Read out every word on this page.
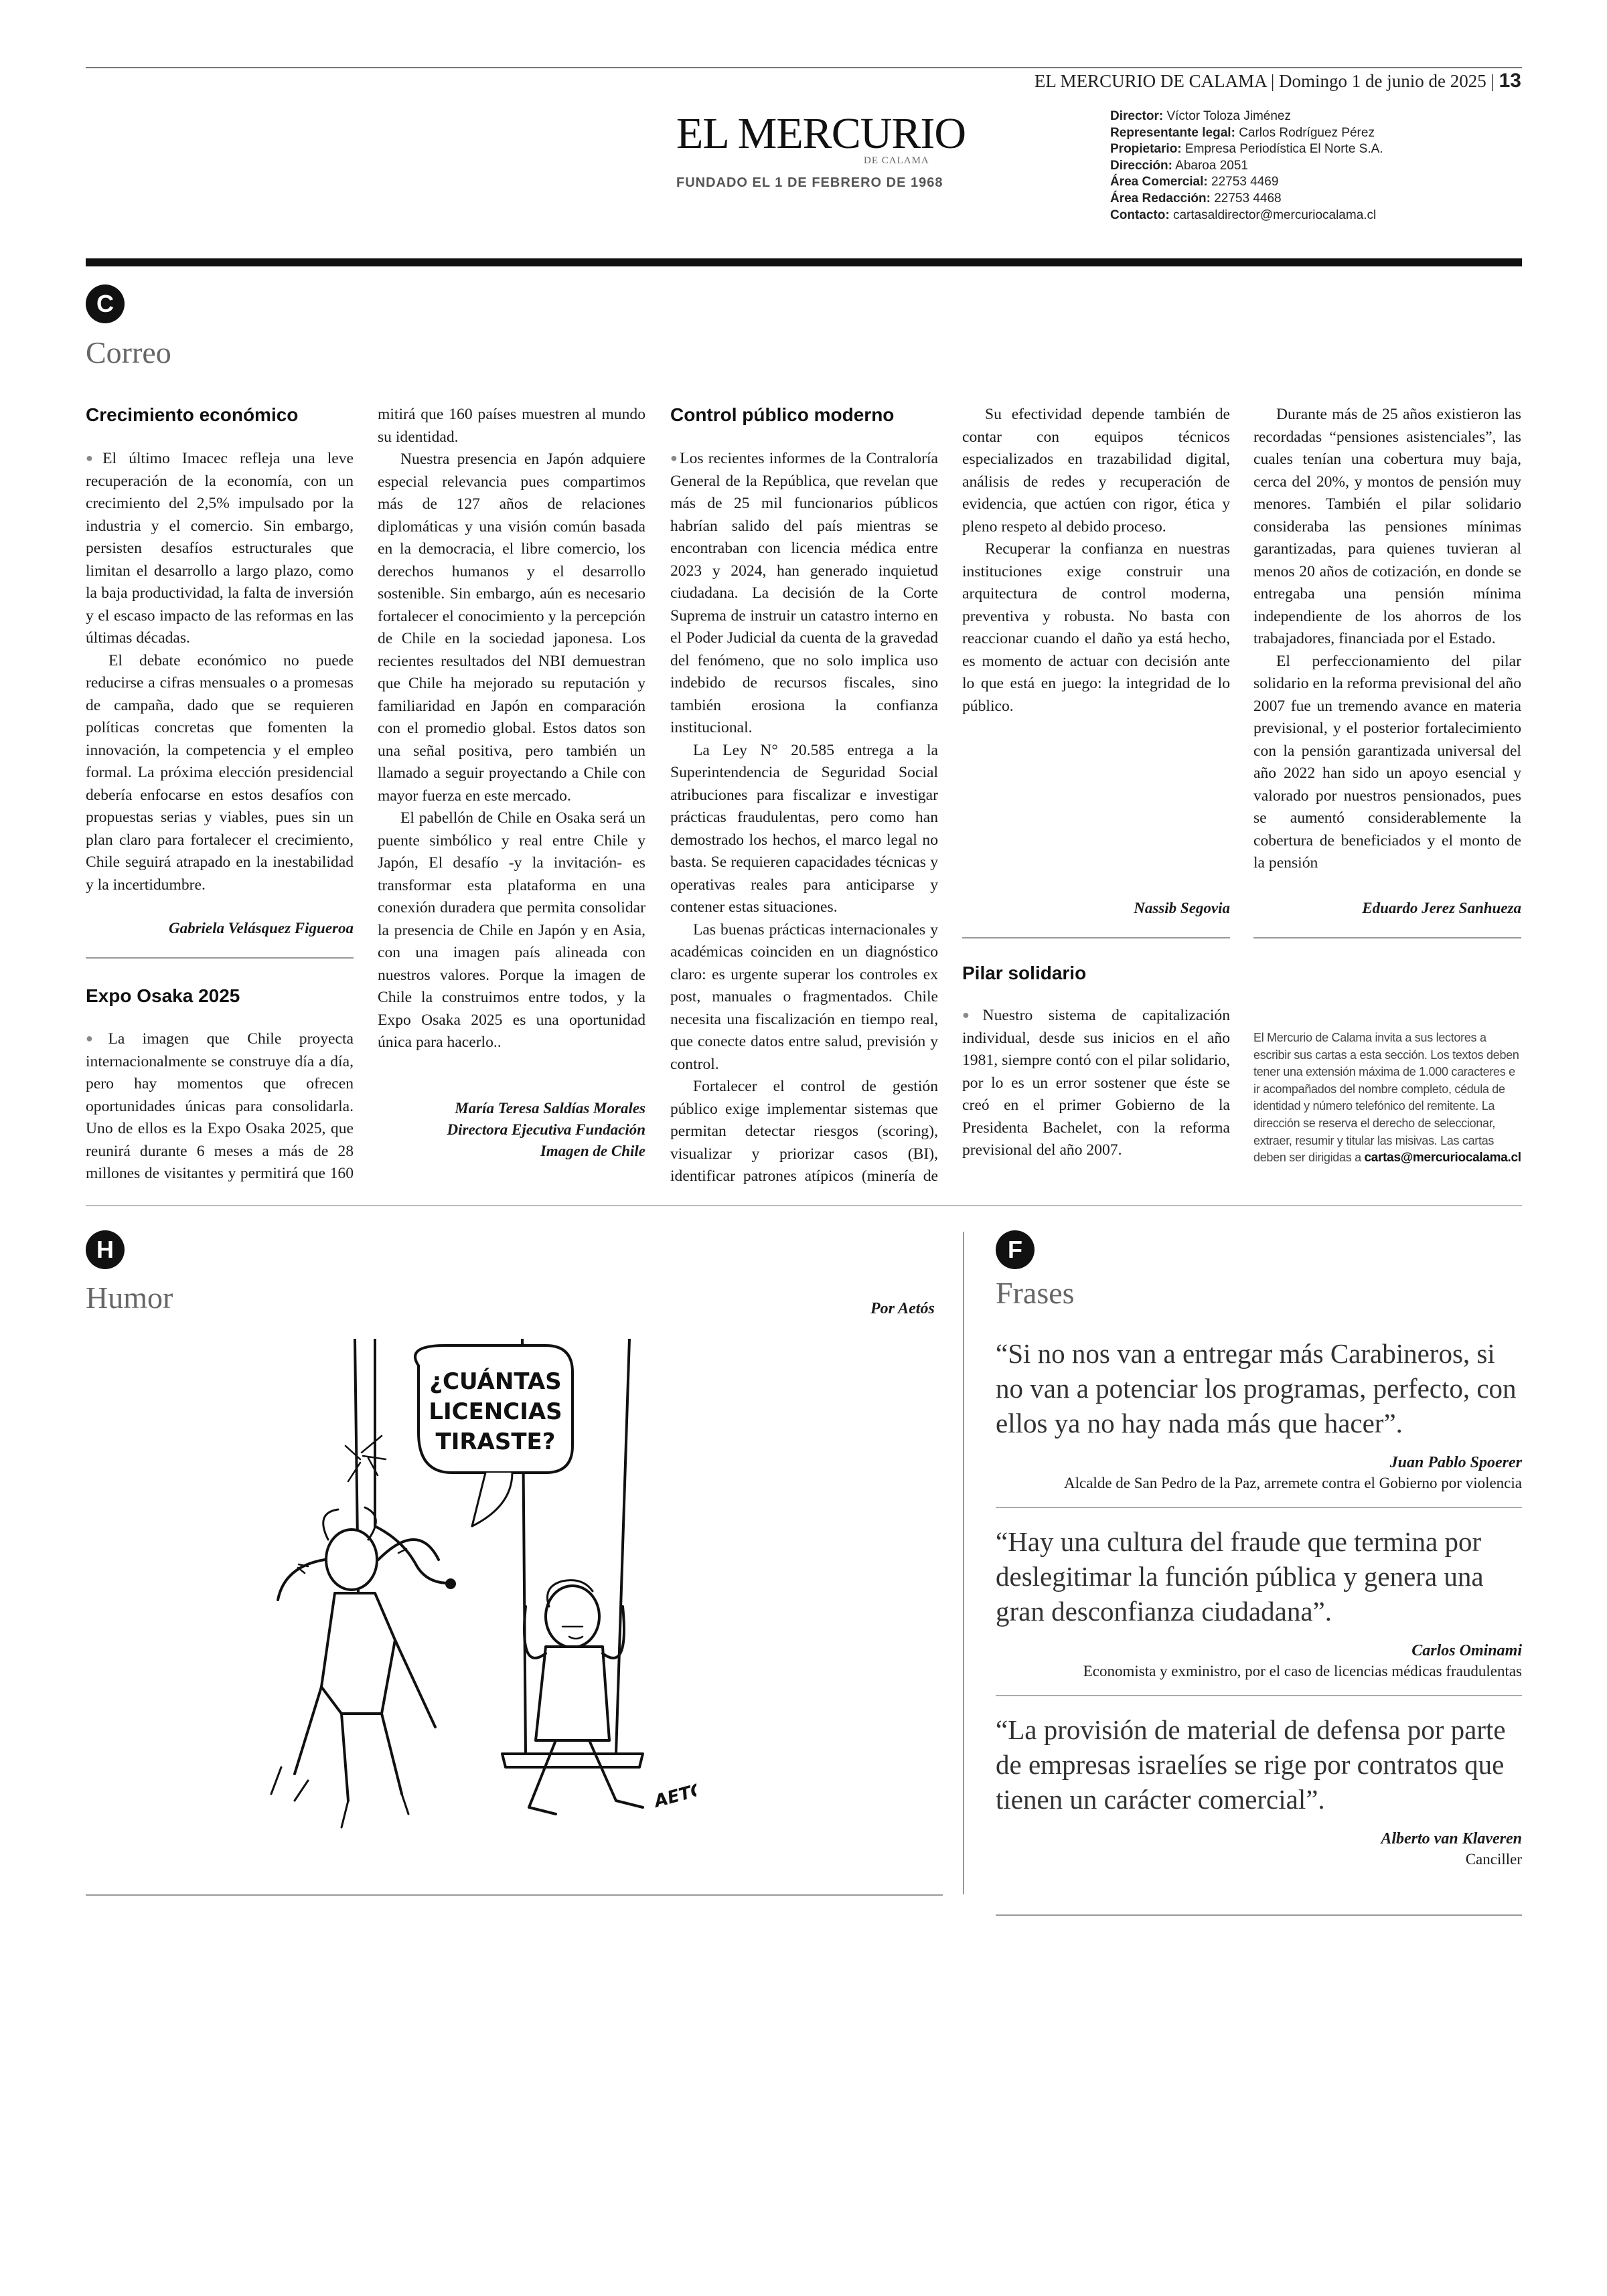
EL MERCURIO DE CALAMA | Domingo 1 de junio de 2025 | 13
EL MERCURIO
DE CALAMA
FUNDADO EL 1 DE FEBRERO DE 1968
Director: Víctor Toloza Jiménez
Representante legal: Carlos Rodríguez Pérez
Propietario: Empresa Periodística El Norte S.A.
Dirección: Abaroa 2051
Área Comercial: 22753 4469
Área Redacción: 22753 4468
Contacto: cartasaldirector@mercuriocalama.cl
C
Correo
Crecimiento económico

● El último Imacec refleja una leve recuperación de la economía, con un crecimiento del 2,5% impulsado por la industria y el comercio. Sin embargo, persisten desafíos estructurales que limitan el desarrollo a largo plazo, como la baja productividad, la falta de inversión y el escaso impacto de las reformas en las últimas décadas.

El debate económico no puede reducirse a cifras mensuales o a promesas de campaña, dado que se requieren políticas concretas que fomenten la innovación, la competencia y el empleo formal. La próxima elección presidencial debería enfocarse en estos desafíos con propuestas serias y viables, pues sin un plan claro para fortalecer el crecimiento, Chile seguirá atrapado en la inestabilidad y la incertidumbre.

Gabriela Velásquez Figueroa
Expo Osaka 2025

● La imagen que Chile proyecta internacionalmente se construye día a día, pero hay momentos que ofrecen oportunidades únicas para consolidarla. Uno de ellos es la Expo Osaka 2025, que reunirá durante 6 meses a más de 28 millones de visitantes y permitirá que 160

mitirá que 160 países muestren al mundo su identidad.

Nuestra presencia en Japón adquiere especial relevancia pues compartimos más de 127 años de relaciones diplomáticas y una visión común basada en la democracia, el libre comercio, los derechos humanos y el desarrollo sostenible. Sin embargo, aún es necesario fortalecer el conocimiento y la percepción de Chile en la sociedad japonesa. Los recientes resultados del NBI demuestran que Chile ha mejorado su reputación y familiaridad en Japón en comparación con el promedio global. Estos datos son una señal positiva, pero también un llamado a seguir proyectando a Chile con mayor fuerza en este mercado.

El pabellón de Chile en Osaka será un puente simbólico y real entre Chile y Japón, El desafío -y la invitación- es transformar esta plataforma en una conexión duradera que permita consolidar la presencia de Chile en Japón y en Asia, con una imagen país alineada con nuestros valores. Porque la imagen de Chile la construimos entre todos, y la Expo Osaka 2025 es una oportunidad única para hacerlo..

María Teresa Saldías Morales
Directora Ejecutiva Fundación
Imagen de Chile
Control público moderno

● Los recientes informes de la Contraloría General de la República, que revelan que más de 25 mil funcionarios públicos habrían salido del país mientras se encontraban con licencia médica entre 2023 y 2024, han generado inquietud ciudadana. La decisión de la Corte Suprema de instruir un catastro interno en el Poder Judicial da cuenta de la gravedad del fenómeno, que no solo implica uso indebido de recursos fiscales, sino también erosiona la confianza institucional.

La Ley N° 20.585 entrega a la Superintendencia de Seguridad Social atribuciones para fiscalizar e investigar prácticas fraudulentas, pero como han demostrado los hechos, el marco legal no basta. Se requieren capacidades técnicas y operativas reales para anticiparse y contener estas situaciones.

Las buenas prácticas internacionales y académicas coinciden en un diagnóstico claro: es urgente superar los controles ex post, manuales o fragmentados. Chile necesita una fiscalización en tiempo real, que conecte datos entre salud, previsión y control.

Fortalecer el control de gestión público exige implementar sistemas que permitan detectar riesgos (scoring), visualizar y priorizar casos (BI), identificar patrones atípicos (minería de

Su efectividad depende también de contar con equipos técnicos especializados en trazabilidad digital, análisis de redes y recuperación de evidencia, que actúen con rigor, ética y pleno respeto al debido proceso.

Recuperar la confianza en nuestras instituciones exige construir una arquitectura de control moderna, preventiva y robusta. No basta con reaccionar cuando el daño ya está hecho, es momento de actuar con decisión ante lo que está en juego: la integridad de lo público.

Nassib Segovia
Pilar solidario

● Nuestro sistema de capitalización individual, desde sus inicios en el año 1981, siempre contó con el pilar solidario, por lo es un error sostener que éste se creó en el primer Gobierno de la Presidenta Bachelet, con la reforma previsional del año 2007.

Durante más de 25 años existieron las recordadas “pensiones asistenciales”, las cuales tenían una cobertura muy baja, cerca del 20%, y montos de pensión muy menores. También el pilar solidario consideraba las pensiones mínimas garantizadas, para quienes tuvieran al menos 20 años de cotización, en donde se entregaba una pensión mínima independiente de los ahorros de los trabajadores, financiada por el Estado.

El perfeccionamiento del pilar solidario en la reforma previsional del año 2007 fue un tremendo avance en materia previsional, y el posterior fortalecimiento con la pensión garantizada universal del año 2022 han sido un apoyo esencial y valorado por nuestros pensionados, pues se aumentó considerablemente la cobertura de beneficiados y el monto de la pensión

Eduardo Jerez Sanhueza
El Mercurio de Calama invita a sus lectores a escribir sus cartas a esta sección. Los textos deben tener una extensión máxima de 1.000 caracteres e ir acompañados del nombre completo, cédula de identidad y número telefónico del remitente. La dirección se reserva el derecho de seleccionar, extraer, resumir y titular las misivas. Las cartas deben ser dirigidas a cartas@mercuriocalama.cl
H
Humor	Por Aetós
¿CUÁNTAS
LICENCIAS
TIRASTE?
AETÓS
F
Frases
“Si no nos van a entregar más Carabineros, si no van a potenciar los programas, perfecto, con ellos ya no hay nada más que hacer”.
Juan Pablo Spoerer
Alcalde de San Pedro de la Paz, arremete contra el Gobierno por violencia
“Hay una cultura del fraude que termina por deslegitimar la función pública y genera una gran desconfianza ciudadana”.
Carlos Ominami
Economista y exministro, por el caso de licencias médicas fraudulentas
“La provisión de material de defensa por parte de empresas israelíes se rige por contratos que tienen un carácter comercial”.
Alberto van Klaveren
Canciller
